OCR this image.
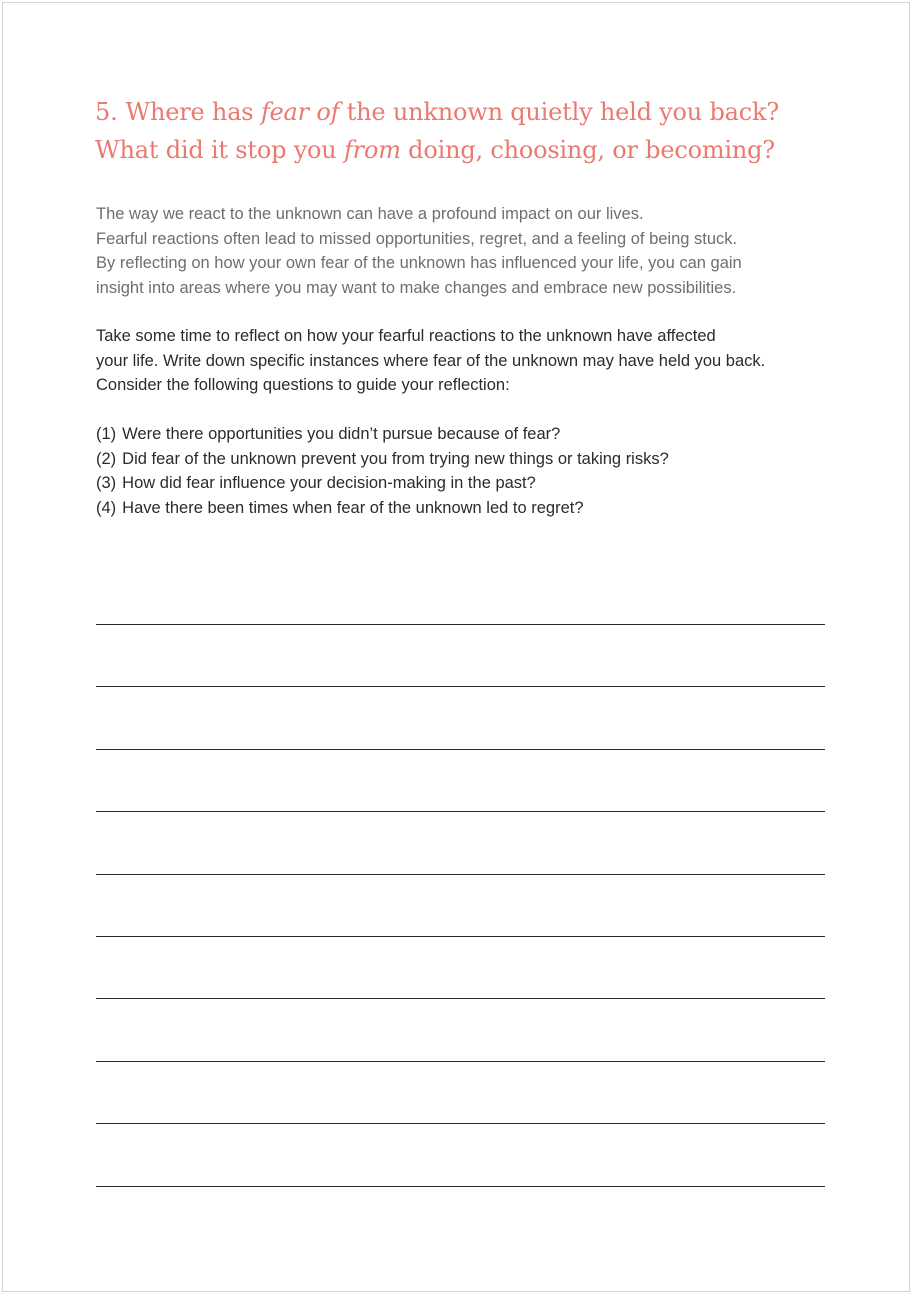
5. Where has fear of the unknown quietly held you back?
What did it stop you from doing, choosing, or becoming?
The way we react to the unknown can have a profound impact on our lives.
Fearful reactions often lead to missed opportunities, regret, and a feeling of being stuck.
By reflecting on how your own fear of the unknown has influenced your life, you can gain
insight into areas where you may want to make changes and embrace new possibilities.
Take some time to reflect on how your fearful reactions to the unknown have affected
your life. Write down specific instances where fear of the unknown may have held you back.
Consider the following questions to guide your reflection:
(1) Were there opportunities you didn’t pursue because of fear?
(2) Did fear of the unknown prevent you from trying new things or taking risks?
(3) How did fear influence your decision-making in the past?
(4) Have there been times when fear of the unknown led to regret?
